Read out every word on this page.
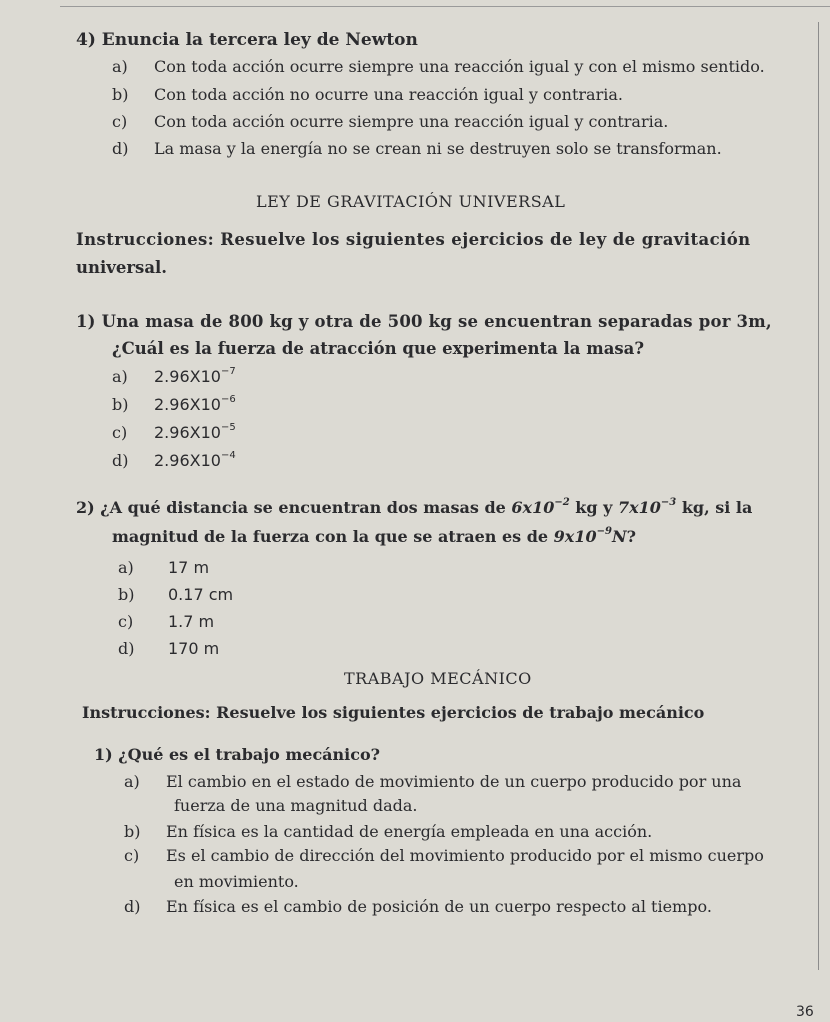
4) Enuncia la tercera ley de Newton
a) Con toda acción ocurre siempre una reacción igual y con el mismo sentido.
b) Con toda acción no ocurre una reacción igual y contraria.
c) Con toda acción ocurre siempre una reacción igual y contraria.
d) La masa y la energía no se crean ni se destruyen solo se transforman.
LEY DE GRAVITACIÓN UNIVERSAL
Instrucciones: Resuelve los siguientes ejercicios de ley de gravitación
universal.
1) Una masa de 800 kg y otra de 500 kg se encuentran separadas por 3m,
¿Cuál es la fuerza de atracción que experimenta la masa?
a) $2.96X10^{-7}$
b) $2.96X10^{-6}$
c) $2.96X10^{-5}$
d) $2.96X10^{-4}$
2) ¿A qué distancia se encuentran dos masas de $6x10^{-2}$ kg y $7x10^{-3}$ kg, si la
magnitud de la fuerza con la que se atraen es de $9x10^{-9}N$?
a) 17 m
b) 0.17 cm
c) 1.7 m
d) 170 m
TRABAJO MECÁNICO
Instrucciones: Resuelve los siguientes ejercicios de trabajo mecánico
1) ¿Qué es el trabajo mecánico?
a) El cambio en el estado de movimiento de un cuerpo producido por una
fuerza de una magnitud dada.
b) En física es la cantidad de energía empleada en una acción.
c) Es el cambio de dirección del movimiento producido por el mismo cuerpo
en movimiento.
d) En física es el cambio de posición de un cuerpo respecto al tiempo.
36
